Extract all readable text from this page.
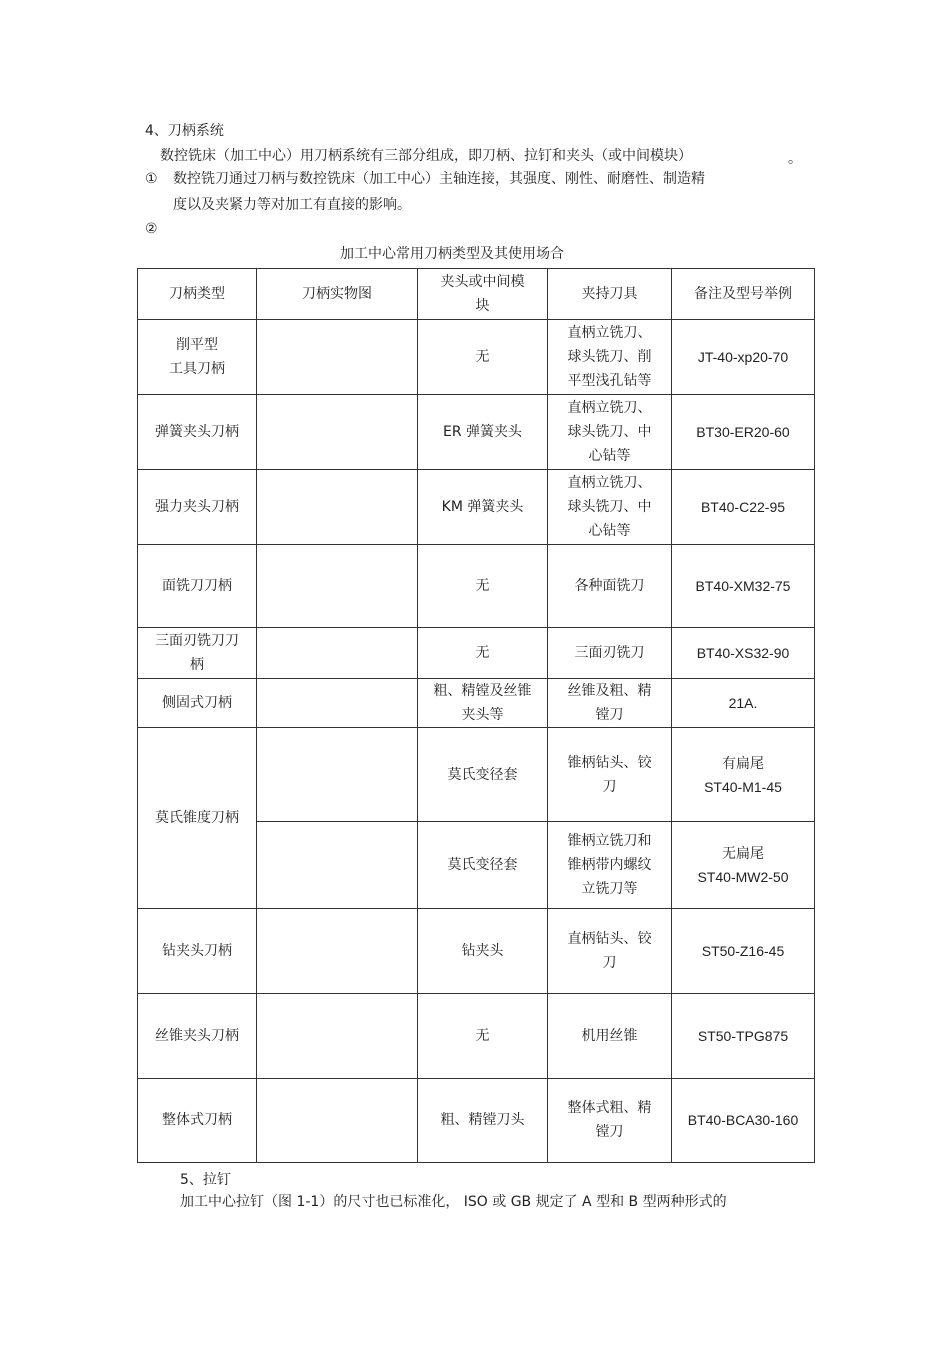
4、刀柄系统
数控铣床（加工中心）用刀柄系统有三部分组成，即刀柄、拉钉和夹头（或中间模块）	。
① 数控铣刀通过刀柄与数控铣床（加工中心）主轴连接，其强度、刚性、耐磨性、制造精
度以及夹紧力等对加工有直接的影响。
②
加工中心常用刀柄类型及其使用场合
刀柄类型	刀柄实物图	夹头或中间模
块	夹持刀具	备注及型号举例
削平型
工具刀柄		无	直柄立铣刀、
球头铣刀、削
平型浅孔钻等	JT-40-xp20-70
弹簧夹头刀柄		ER 弹簧夹头	直柄立铣刀、
球头铣刀、中
心钻等	BT30-ER20-60
强力夹头刀柄		KM 弹簧夹头	直柄立铣刀、
球头铣刀、中
心钻等	BT40-C22-95
面铣刀刀柄		无	各种面铣刀	BT40-XM32-75
三面刃铣刀刀
柄		无	三面刃铣刀	BT40-XS32-90
侧固式刀柄		粗、精镗及丝锥
夹头等	丝锥及粗、精
镗刀	21A.
莫氏锥度刀柄		莫氏变径套	锥柄钻头、铰
刀	有扁尾
ST40-M1-45
		莫氏变径套	锥柄立铣刀和
锥柄带内螺纹
立铣刀等	无扁尾
ST40-MW2-50
钻夹头刀柄		钻夹头	直柄钻头、铰
刀	ST50-Z16-45
丝锥夹头刀柄		无	机用丝锥	ST50-TPG875
整体式刀柄		粗、精镗刀头	整体式粗、精
镗刀	BT40-BCA30-160
5、拉钉
加工中心拉钉（图 1-1）的尺寸也已标准化， ISO 或 GB 规定了 A 型和 B 型两种形式的
